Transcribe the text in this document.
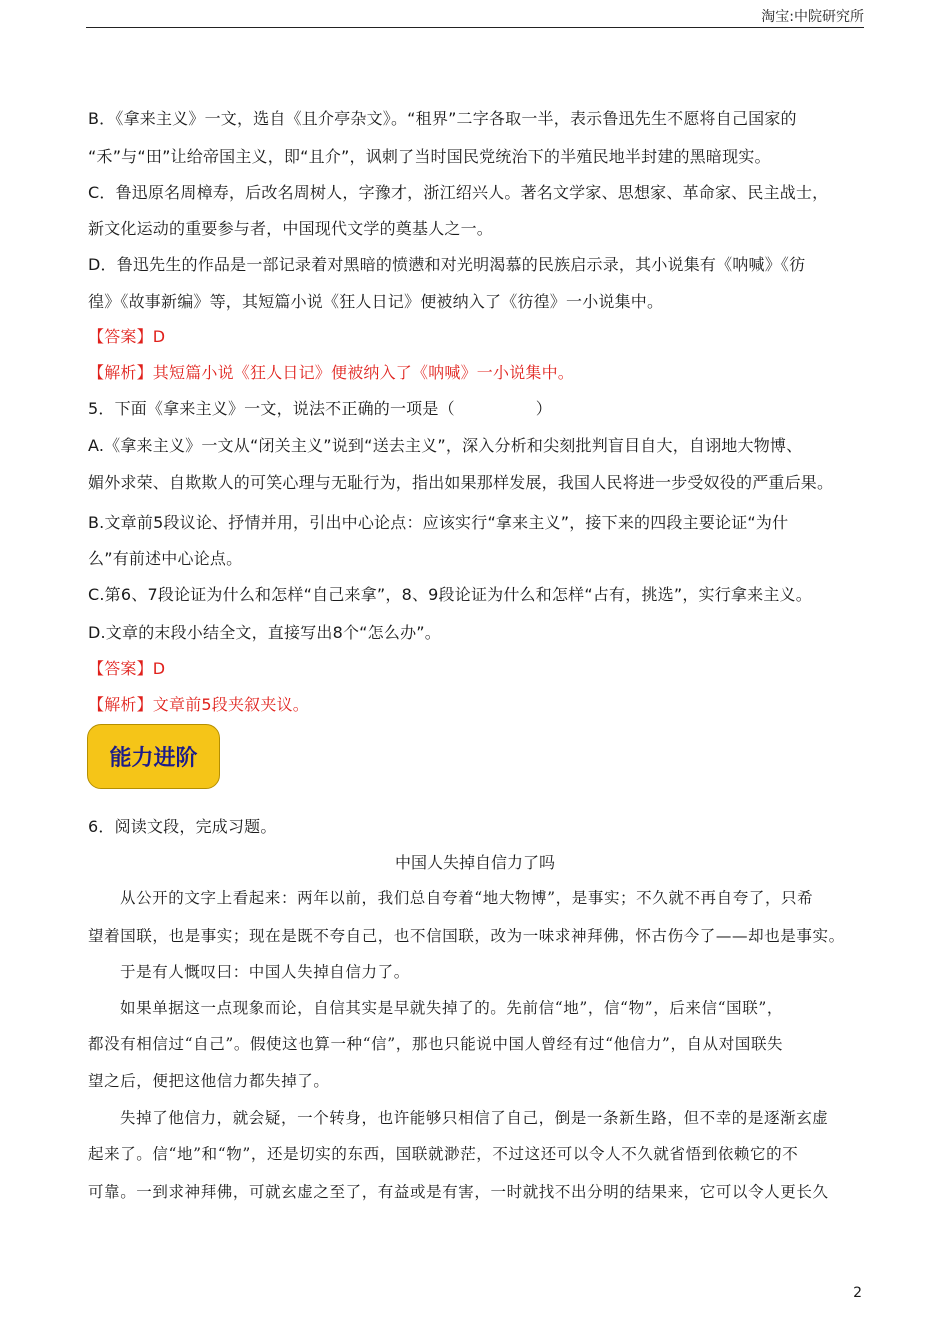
淘宝:中院研究所
B．《拿来主义》一文，选自《且介亭杂文》。“租界”二字各取一半，表示鲁迅先生不愿将自己国家的
“禾”与“田”让给帝国主义，即“且介”，讽刺了当时国民党统治下的半殖民地半封建的黑暗现实。
C．鲁迅原名周樟寿，后改名周树人，字豫才，浙江绍兴人。著名文学家、思想家、革命家、民主战士，
新文化运动的重要参与者，中国现代文学的奠基人之一。
D．鲁迅先生的作品是一部记录着对黑暗的愤懑和对光明渴慕的民族启示录，其小说集有《呐喊》《彷
徨》《故事新编》等，其短篇小说《狂人日记》便被纳入了《彷徨》一小说集中。
【答案】D
【解析】其短篇小说《狂人日记》便被纳入了《呐喊》一小说集中。
5．下面《拿来主义》一文，说法不正确的一项是（　　　　　）
A.《拿来主义》一文从“闭关主义”说到“送去主义”，深入分析和尖刻批判盲目自大，自诩地大物博、
媚外求荣、自欺欺人的可笑心理与无耻行为，指出如果那样发展，我国人民将进一步受奴役的严重后果。
B.文章前5段议论、抒情并用，引出中心论点：应该实行“拿来主义”，接下来的四段主要论证“为什
么”有前述中心论点。
C.第6、7段论证为什么和怎样“自己来拿”，8、9段论证为什么和怎样“占有，挑选”，实行拿来主义。
D.文章的末段小结全文，直接写出8个“怎么办”。
【答案】D
【解析】文章前5段夹叙夹议。
能力进阶
6．阅读文段，完成习题。
中国人失掉自信力了吗
从公开的文字上看起来：两年以前，我们总自夸着“地大物博”，是事实；不久就不再自夸了，只希
望着国联，也是事实；现在是既不夸自己，也不信国联，改为一味求神拜佛，怀古伤今了——却也是事实。
于是有人慨叹曰：中国人失掉自信力了。
如果单据这一点现象而论，自信其实是早就失掉了的。先前信“地”，信“物”，后来信“国联”，
都没有相信过“自己”。假使这也算一种“信”，那也只能说中国人曾经有过“他信力”，自从对国联失
望之后，便把这他信力都失掉了。
失掉了他信力，就会疑，一个转身，也许能够只相信了自己，倒是一条新生路，但不幸的是逐渐玄虚
起来了。信“地”和“物”，还是切实的东西，国联就渺茫，不过这还可以令人不久就省悟到依赖它的不
可靠。一到求神拜佛，可就玄虚之至了，有益或是有害，一时就找不出分明的结果来，它可以令人更长久
2
